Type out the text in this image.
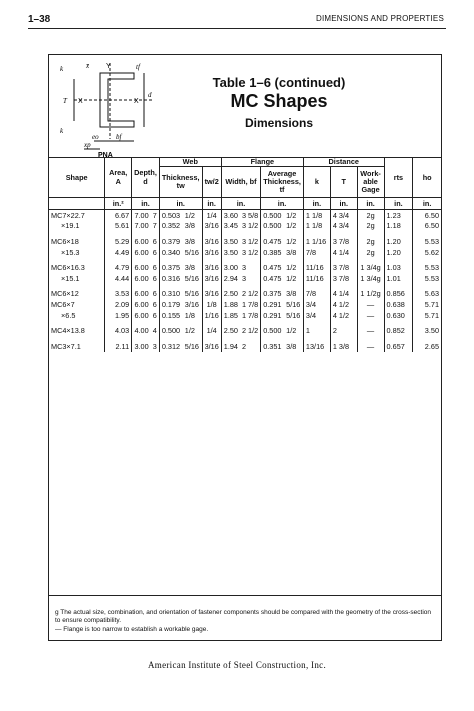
1–38	DIMENSIONS AND PROPERTIES
k	x̄ Y	tf
T X	X
d
k
eo
xp
bf
PNA
Table 1–6 (continued)
MC Shapes
Dimensions
Shape	Area, A	Depth, d		Web			Flange				Distance			rts	ho
				Thickness, tw		tw/2	Width, bf		Average Thickness, tf		k	T	Work- able Gage		
	in.²	in.		in.		in.	in.		in.		in.	in.	in.	in.	in.
MC7×22.7	6.67	7.00	7	0.503	1/2	1/4	3.60	3 5/8	0.500	1/2	1 1/8	4 3/4	2g	1.23	6.50
×19.1	5.61	7.00	7	0.352	3/8	3/16	3.45	3 1/2	0.500	1/2	1 1/8	4 3/4	2g	1.18	6.50

MC6×18	5.29	6.00	6	0.379	3/8	3/16	3.50	3 1/2	0.475	1/2	1 1/16	3 7/8	2g	1.20	5.53
×15.3	4.49	6.00	6	0.340	5/16	3/16	3.50	3 1/2	0.385	3/8	7/8	4 1/4	2g	1.20	5.62

MC6×16.3	4.79	6.00	6	0.375	3/8	3/16	3.00	3	0.475	1/2	11/16	3 7/8	1 3/4g	1.03	5.53
×15.1	4.44	6.00	6	0.316	5/16	3/16	2.94	3	0.475	1/2	11/16	3 7/8	1 3/4g	1.01	5.53

MC6×12	3.53	6.00	6	0.310	5/16	3/16	2.50	2 1/2	0.375	3/8	7/8	4 1/4	1 1/2g	0.856	5.63
MC6×7	2.09	6.00	6	0.179	3/16	1/8	1.88	1 7/8	0.291	5/16	3/4	4 1/2	—	0.638	5.71
×6.5	1.95	6.00	6	0.155	1/8	1/16	1.85	1 7/8	0.291	5/16	3/4	4 1/2	—	0.630	5.71

MC4×13.8	4.03	4.00	4	0.500	1/2	1/4	2.50	2 1/2	0.500	1/2	1	2	—	0.852	3.50

MC3×7.1	2.11	3.00	3	0.312	5/16	3/16	1.94	2	0.351	3/8	13/16	1 3/8	—	0.657	2.65
g The actual size, combination, and orientation of fastener components should be compared with the geometry of the cross-section to ensure compatibility.
— Flange is too narrow to establish a workable gage.
American Institute of Steel Construction, Inc.
